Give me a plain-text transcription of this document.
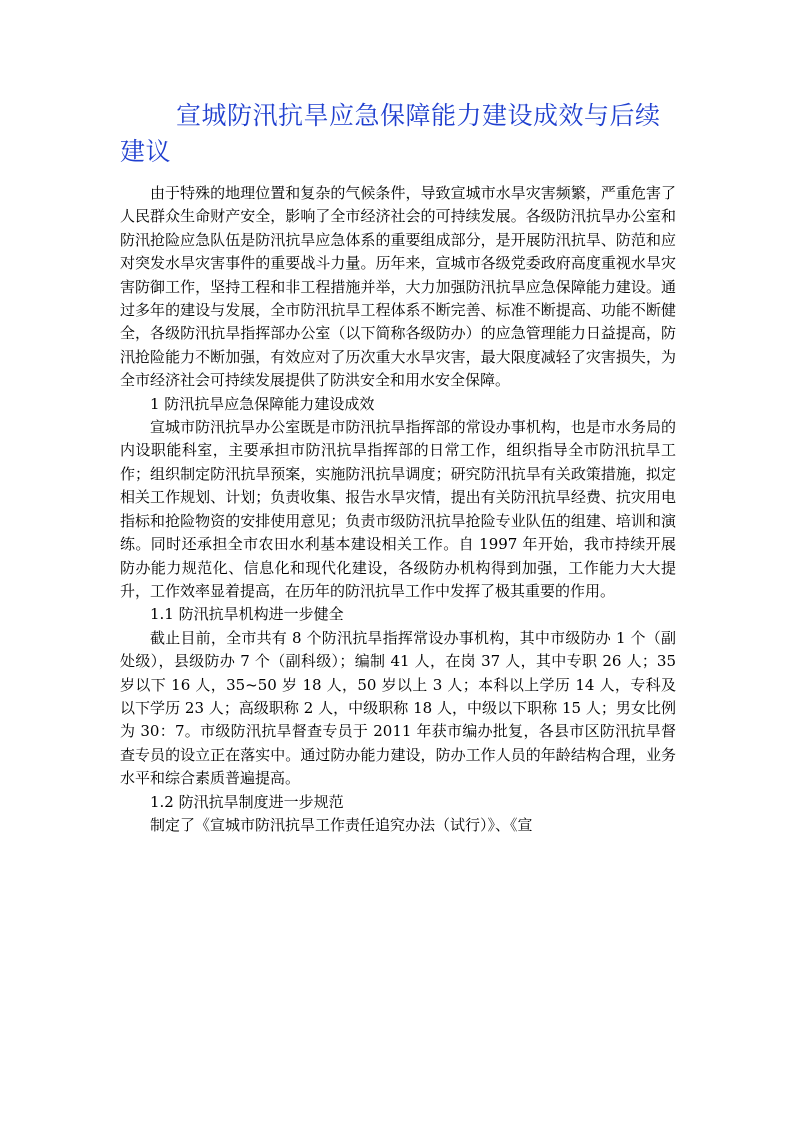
宣城防汛抗旱应急保障能力建设成效与后续建议

由于特殊的地理位置和复杂的气候条件，导致宣城市水旱灾害频繁，严重危害了人民群众生命财产安全，影响了全市经济社会的可持续发展。各级防汛抗旱办公室和防汛抢险应急队伍是防汛抗旱应急体系的重要组成部分，是开展防汛抗旱、防范和应对突发水旱灾害事件的重要战斗力量。历年来，宣城市各级党委政府高度重视水旱灾害防御工作，坚持工程和非工程措施并举，大力加强防汛抗旱应急保障能力建设。通过多年的建设与发展，全市防汛抗旱工程体系不断完善、标准不断提高、功能不断健全，各级防汛抗旱指挥部办公室（以下简称各级防办）的应急管理能力日益提高，防汛抢险能力不断加强，有效应对了历次重大水旱灾害，最大限度减轻了灾害损失，为全市经济社会可持续发展提供了防洪安全和用水安全保障。

1 防汛抗旱应急保障能力建设成效

宣城市防汛抗旱办公室既是市防汛抗旱指挥部的常设办事机构，也是市水务局的内设职能科室，主要承担市防汛抗旱指挥部的日常工作，组织指导全市防汛抗旱工作；组织制定防汛抗旱预案，实施防汛抗旱调度；研究防汛抗旱有关政策措施，拟定相关工作规划、计划；负责收集、报告水旱灾情，提出有关防汛抗旱经费、抗灾用电指标和抢险物资的安排使用意见；负责市级防汛抗旱抢险专业队伍的组建、培训和演练。同时还承担全市农田水利基本建设相关工作。自 1997 年开始，我市持续开展防办能力规范化、信息化和现代化建设，各级防办机构得到加强，工作能力大大提升，工作效率显着提高，在历年的防汛抗旱工作中发挥了极其重要的作用。

1.1 防汛抗旱机构进一步健全

截止目前，全市共有 8 个防汛抗旱指挥常设办事机构，其中市级防办 1 个（副处级），县级防办 7 个（副科级）；编制 41 人，在岗 37 人，其中专职 26 人；35 岁以下 16 人，35~50 岁 18 人，50 岁以上 3 人；本科以上学历 14 人，专科及以下学历 23 人；高级职称 2 人，中级职称 18 人，中级以下职称 15 人；男女比例为 30：7。市级防汛抗旱督查专员于 2011 年获市编办批复，各县市区防汛抗旱督查专员的设立正在落实中。通过防办能力建设，防办工作人员的年龄结构合理，业务水平和综合素质普遍提高。

1.2 防汛抗旱制度进一步规范

制定了《宣城市防汛抗旱工作责任追究办法（试行）》、《宣
